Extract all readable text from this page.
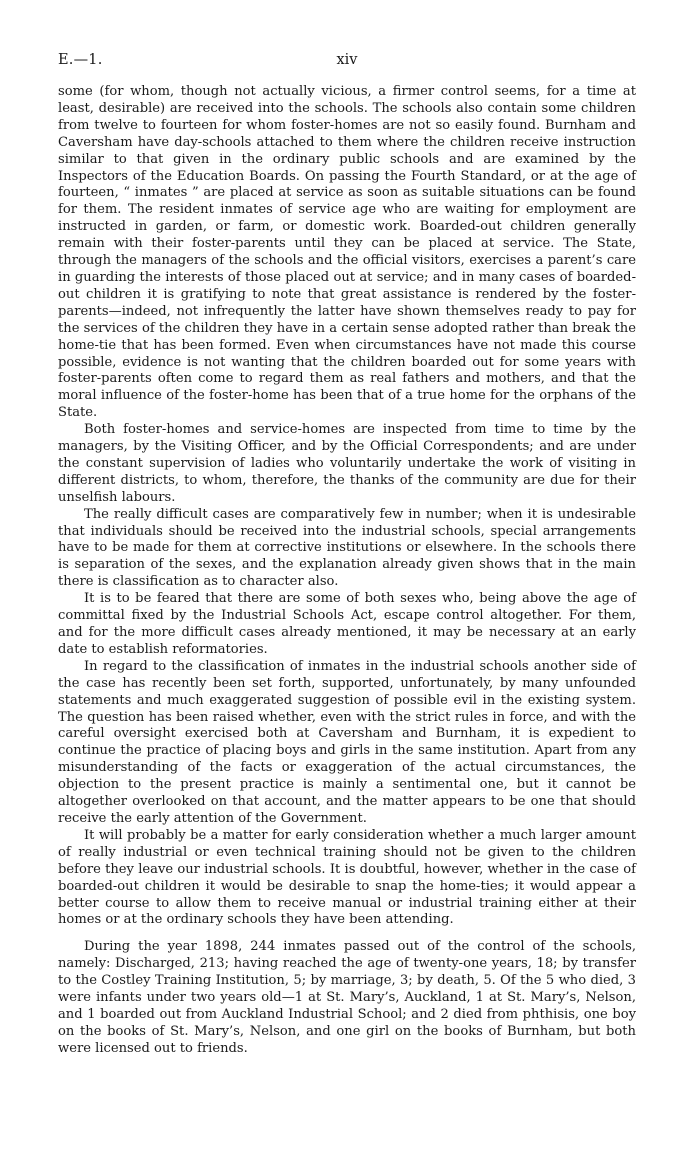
E.—1.	xiv

some (for whom, though not actually vicious, a firmer control seems, for a time at least, desirable) are received into the schools. The schools also contain some children from twelve to fourteen for whom foster-homes are not so easily found. Burnham and Caversham have day-schools attached to them where the children receive instruction similar to that given in the ordinary public schools and are examined by the Inspectors of the Education Boards. On passing the Fourth Standard, or at the age of fourteen, “ inmates ” are placed at service as soon as suitable situations can be found for them. The resident inmates of service age who are waiting for employment are instructed in garden, or farm, or domestic work. Boarded-out children generally remain with their foster-parents until they can be placed at service. The State, through the managers of the schools and the official visitors, exercises a parent’s care in guarding the interests of those placed out at service; and in many cases of boarded-out children it is gratifying to note that great assistance is rendered by the foster-parents—indeed, not infrequently the latter have shown themselves ready to pay for the services of the children they have in a certain sense adopted rather than break the home-tie that has been formed. Even when circumstances have not made this course possible, evidence is not wanting that the children boarded out for some years with foster-parents often come to regard them as real fathers and mothers, and that the moral influence of the foster-home has been that of a true home for the orphans of the State.

Both foster-homes and service-homes are inspected from time to time by the managers, by the Visiting Officer, and by the Official Correspondents; and are under the constant supervision of ladies who voluntarily undertake the work of visiting in different districts, to whom, therefore, the thanks of the community are due for their unselfish labours.

The really difficult cases are comparatively few in number; when it is undesirable that individuals should be received into the industrial schools, special arrangements have to be made for them at corrective institutions or elsewhere. In the schools there is separation of the sexes, and the explanation already given shows that in the main there is classification as to character also.

It is to be feared that there are some of both sexes who, being above the age of committal fixed by the Industrial Schools Act, escape control altogether. For them, and for the more difficult cases already mentioned, it may be necessary at an early date to establish reformatories.

In regard to the classification of inmates in the industrial schools another side of the case has recently been set forth, supported, unfortunately, by many unfounded statements and much exaggerated suggestion of possible evil in the existing system. The question has been raised whether, even with the strict rules in force, and with the careful oversight exercised both at Caversham and Burnham, it is expedient to continue the practice of placing boys and girls in the same institution. Apart from any misunderstanding of the facts or exaggeration of the actual circumstances, the objection to the present practice is mainly a sentimental one, but it cannot be altogether overlooked on that account, and the matter appears to be one that should receive the early attention of the Government.

It will probably be a matter for early consideration whether a much larger amount of really industrial or even technical training should not be given to the children before they leave our industrial schools. It is doubtful, however, whether in the case of boarded-out children it would be desirable to snap the home-ties; it would appear a better course to allow them to receive manual or industrial training either at their homes or at the ordinary schools they have been attending.

During the year 1898, 244 inmates passed out of the control of the schools, namely: Discharged, 213; having reached the age of twenty-one years, 18; by transfer to the Costley Training Institution, 5; by marriage, 3; by death, 5. Of the 5 who died, 3 were infants under two years old—1 at St. Mary’s, Auckland, 1 at St. Mary’s, Nelson, and 1 boarded out from Auckland Industrial School; and 2 died from phthisis, one boy on the books of St. Mary’s, Nelson, and one girl on the books of Burnham, but both were licensed out to friends.
